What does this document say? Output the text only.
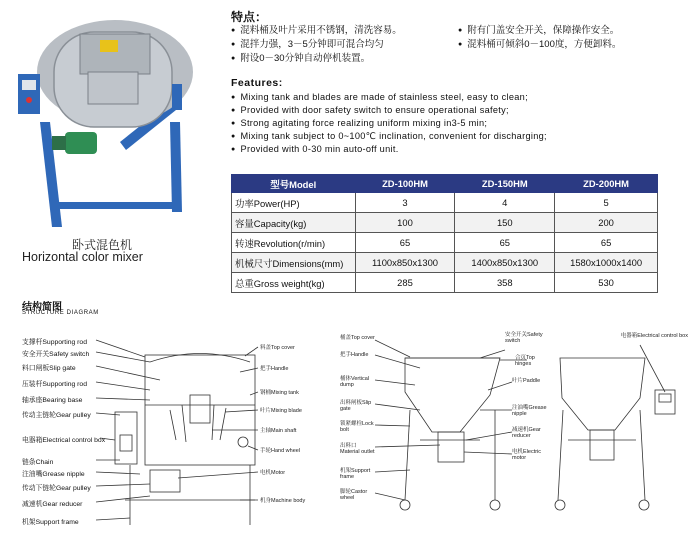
卧式混色机
Horizontal color mixer
特点：
● 混料桶及叶片采用不锈钢，清洗容易。
● 混拌力强，3－5分钟即可混合均匀
● 附设0－30分钟自动停机装置。
● 附有门盖安全开关，保障操作安全。
● 混料桶可倾斜0－100度，方便卸料。
Features:
● Mixing tank and blades are made of stainless steel, easy to clean;
● Provided with door safety switch to ensure operational safety;
● Strong agitating force realizing uniform mixing in3-5 min;
● Mixing tank subject to 0~100℃ inclination, convenient for discharging;
● Provided with 0-30 min auto-off unit.
型号Model	ZD-100HM	ZD-150HM	ZD-200HM
功率Power(HP)	3	4	5
容量Capacity(kg)	100	150	200
转速Revolution(r/min)	65	65	65
机械尺寸Dimensions(mm)	1100x850x1300	1400x850x1300	1580x1000x1400
总重Gross weight(kg)	285	358	530
结构简图
STRUCTURE DIAGRAM
支撑杆Supporting rod
安全开关Safety switch
料口闸板Slip gate
压装杆Supporting rod
轴承座Bearing base
传动主链轮Gear pulley
电器箱Electrical control box
链条Chain
注油嘴Grease nipple
传动下链轮Gear pulley
减速机Gear reducer
机架Support frame
料盖Top cover
把手Handle
钢桶Mixing tank
叶片Mixing blade
主轴Main shaft
手轮Hand wheel
电机Motor
机身Machine body
桶盖Top cover
把手Handle
桶体Vertical dump
出料闸板Slip gate
锁紧螺栓Lock bolt
出料口Material outlet
机架Support frame
脚轮Castor wheel
安全开关Safety switch
合页Top hinges
叶片Paddle
注油嘴Grease nipple
减速机Gear reducer
电机Electric motor
电器箱Electrical control box
